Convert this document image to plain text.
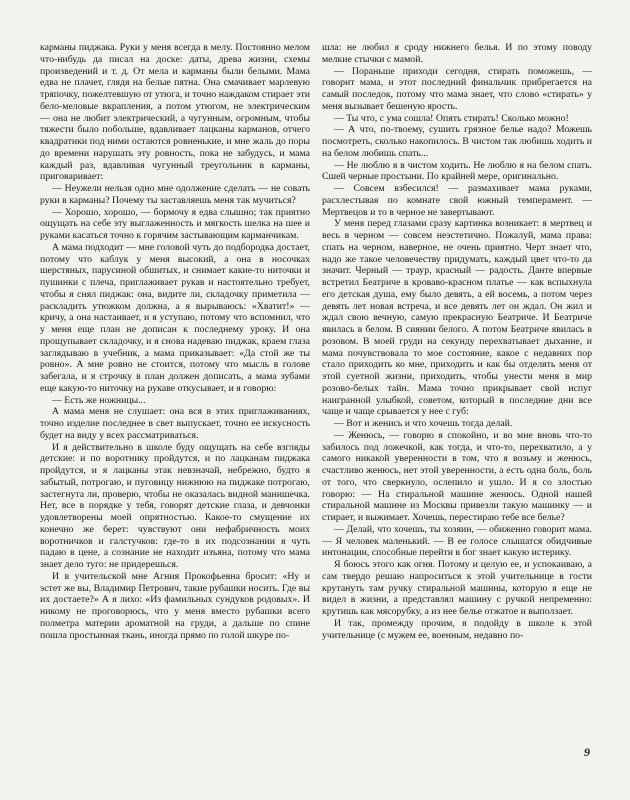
карманы пиджака. Руки у меня всегда в мелу. Постоянно мелом что-нибудь да писал на доске: даты, древа жизни, схемы произведений и т. д. От мела и карманы были белыми. Мама едва не плачет, глядя на белые пятна. Она смачивает марлевую тряпочку, пожелтевшую от утюга, и точно наждаком стирает эти бело-меловые вкрапления, а потом утюгом, не электрическим — она не любит электрический, а чугунным, огромным, чтобы тяжести было побольше, вдавливает лацканы карманов, отчего квадратики под ними остаются ровненькие, и мне жаль до поры до времени нарушать эту ровность, пока не забудусь, и мама каждый раз, вдавливая чугунный треугольник в карманы, приговаривает:

— Неужели нельзя одно мне одолжение сделать — не совать руки в карманы? Почему ты заставляешь меня так мучиться?

— Хорошо, хорошо, — бормочу я едва слышно; так приятно ощущать на себе эту выглаженность и мягкость шелка на шее и руками касаться точно к горячим застывающим карманчикам.

А мама подходит — мне головой чуть до подбородка достает, потому что каблук у меня высокий, а она в носочках шерстяных, парусиной обшитых, и снимает какие-то ниточки и пушинки с плеча, приглаживает рукав и настоятельно требует, чтобы я снял пиджак: она, видите ли, складочку приметила — раскладить утюжком должна, а я вырываюсь: «Хватит!» — кричу, а она настаивает, и я уступаю, потому что вспомнил, что у меня еще план не дописан к последнему уроку. И она прощупывает складочку, и я снова надеваю пиджак, краем глаза заглядываю в учебник, а мама приказывает: «Да стой же ты ровно». А мне ровно не стоится, потому что мысль в голове забегала, и я строчку в план должен дописать, а мама зубами еще какую-то ниточку на рукаве откусывает, и я говорю:

— Есть же ножницы...

А мама меня не слушает: она вся в этих приглаживаниях, точно изделие последнее в свет выпускает, точно ее искусность будет на виду у всех рассматриваться.

И я действительно в школе буду ощущать на себе взгляды детские: и по воротнику пройдутся, и по лацканам пиджака пройдутся, и я лацканы этак невзначай, небрежно, будто я забытый, потрогаю, и пуговицу нижнюю на пиджаке потрогаю, застегнута ли, проверю, чтобы не оказалась видной манишечка. Нет, все в порядке у тебя, говорят детские глаза, и девчонки удовлетворены моей опрятностью. Какое-то смущение их конечно же берет: чувствуют они нефабричность моих воротничков и галстучков: где-то в их подсознании я чуть падаю в цене, а сознание не находит изъяна, потому что мама знает дело туго: не придерешься.

И в учительской мне Агния Прокофьевна бросит: «Ну и эстет же вы, Владимир Петрович, такие рубашки носить. Где вы их достаете?» А я лихо: «Из фамильных сундуков родовых». И никому не проговорюсь, что у меня вместо рубашки всего полметра материи ароматной на груди, а дальше по спине пошла простынная ткань, иногда прямо по голой шкуре по-

шла: не любил я сроду нижнего белья. И по этому поводу мелкие стычки с мамой.

— Пораньше приходи сегодня, стирать поможешь, — говорит мама, и этот последний финальчик прибрегается на самый последок, потому что мама знает, что слово «стирать» у меня вызывает бешеную ярость.

— Ты что, с ума сошла! Опять стирать! Сколько можно!

— А что, по-твоему, сушить грязное белье надо? Можешь посмотреть, сколько накопилось. В чистом так любишь ходить и на белом любишь спать...

— Не люблю я в чистом ходить. Не люблю я на белом спать. Сшей черные простыни. По крайней мере, оригинально.

— Совсем взбесился! — размахивает мама руками, расхлестывая по комнате свой южный темперамент. — Мертвецов и то в черное не завертывают.

У меня перед глазами сразу картинка возникает: я мертвец и весь в черном — совсем неэстетично. Пожалуй, мама права: спать на черном, наверное, не очень приятно. Черт знает что, надо же такое человечеству придумать, каждый цвет что-то да значит. Черный — траур, красный — радость. Данте впервые встретил Беатриче в кроваво-красном платье — как вспыхнула его детская душа, ему было девять, а ей восемь, а потом через девять лет новая встреча, и все девять лет он ждал. Он жил и ждал свою вечную, самую прекрасную Беатриче. И Беатриче явилась в белом. В сиянии белого. А потом Беатриче явилась в розовом. В моей груди на секунду перехватывает дыхание, и мама почувствовала то мое состояние, какое с недавних пор стало приходить ко мне, приходить и как бы отделять меня от этой суетной жизни, приходить, чтобы унести меня в мир розово-белых тайн. Мама точно прикрывает свой испуг наигранной улыбкой, советом, который в последние дни все чаще и чаще срывается у нее с губ:

— Вот и женись и что хочешь тогда делай.

— Женюсь, — говорю я спокойно, и во мне вновь что-то забилось под ложечкой, как тогда, и что-то, перехватило, а у самого никакой уверенности в том, что я возьму и женюсь, счастливо женюсь, нет этой уверенности, а есть одна боль, боль от того, что сверкнуло, ослепило и ушло. И я со злостью говорю: — На стиральной машине женюсь. Одной нашей стиральной машине из Москвы привезли такую машинку — и стирает, и выжимает. Хочешь, перестираю тебе все белье?

— Делай, что хочешь, ты хозяин, — обиженно говорит мама. — Я человек маленький. — В ее голосе слышатся обидчивые интонации, способные перейти в бог знает какую истерику.

Я боюсь этого как огня. Потому и целую ее, и успокаиваю, а сам твердо решаю напроситься к этой учительнице в гости крутануть там ручку стиральной машины, которую я еще не видел в жизни, а представлял машину с ручкой непременно: крутишь как мясорубку, а из нее белье отжатое и выползает.

И так, промежду прочим, я подойду в школе к этой учительнице (с мужем ее, военным, недавно по-

9
